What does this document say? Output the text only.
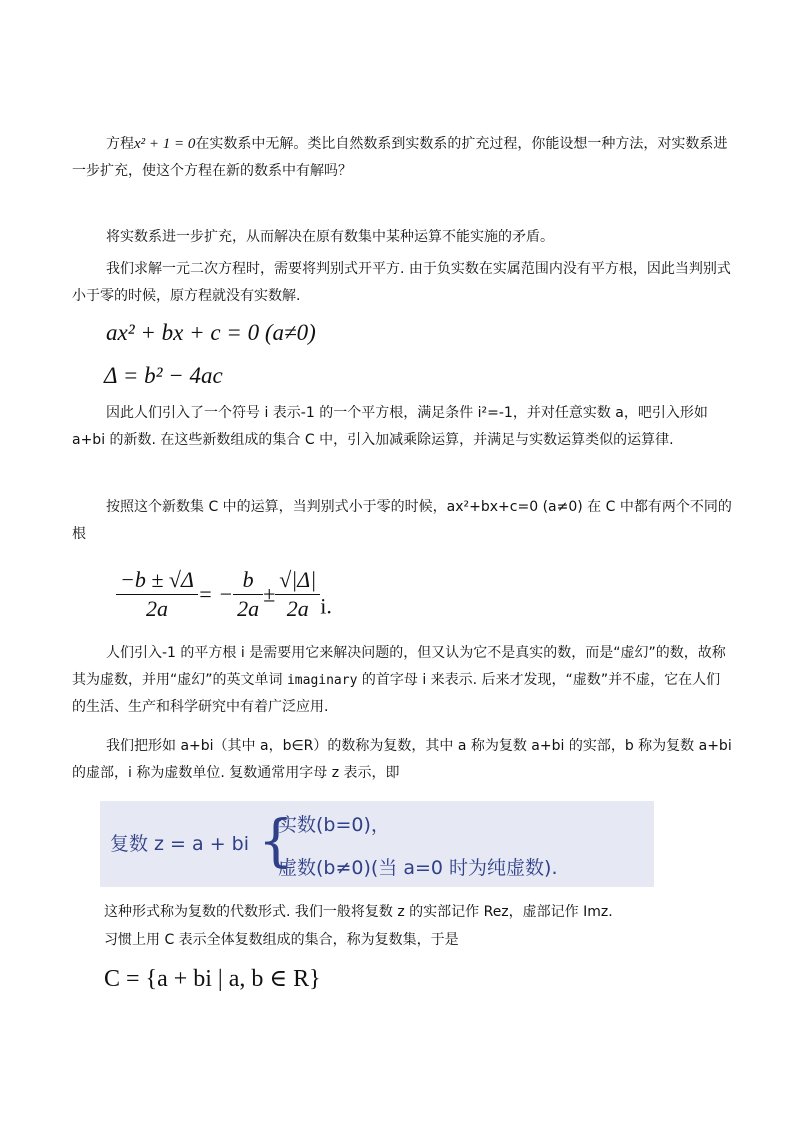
方程x² + 1 = 0在实数系中无解。类比自然数系到实数系的扩充过程，你能设想一种方法，对实数系进一步扩充，使这个方程在新的数系中有解吗？

将实数系进一步扩充，从而解决在原有数集中某种运算不能实施的矛盾。

我们求解一元二次方程时，需要将判别式开平方. 由于负实数在实属范围内没有平方根，因此当判别式小于零的时候，原方程就没有实数解.

ax² + bx + c = 0 (a≠0)
Δ = b² − 4ac

因此人们引入了一个符号 i 表示-1 的一个平方根，满足条件 i²=-1，并对任意实数 a，吧引入形如 a+bi 的新数. 在这些新数组成的集合 C 中，引入加减乘除运算，并满足与实数运算类似的运算律.

按照这个新数集 C 中的运算，当判别式小于零的时候，ax²+bx+c=0 (a≠0) 在 C 中都有两个不同的根

$\frac{-b \pm √\Delta}{2a}$ = − $\frac{b}{2a} \pm \frac{√|\Delta|}{2a} i$.

人们引入-1 的平方根 i 是需要用它来解决问题的，但又认为它不是真实的数，而是“虚幻”的数，故称其为虚数，并用“虚幻”的英文单词 imaginary 的首字母 i 来表示. 后来才发现，“虚数”并不虚，它在人们的生活、生产和科学研究中有着广泛应用.

我们把形如 a+bi（其中 a，b∈R）的数称为复数，其中 a 称为复数 a+bi 的实部，b 称为复数 a+bi 的虚部，i 称为虚数单位. 复数通常用字母 z 表示，即

复数 z = a + bi {
实数(b=0)，
虚数(b≠0)(当 a=0 时为纯虚数).

这种形式称为复数的代数形式. 我们一般将复数 z 的实部记作 Rez，虚部记作 Imz.

习惯上用 C 表示全体复数组成的集合，称为复数集，于是

C = {a + bi | a, b ∈ R}
